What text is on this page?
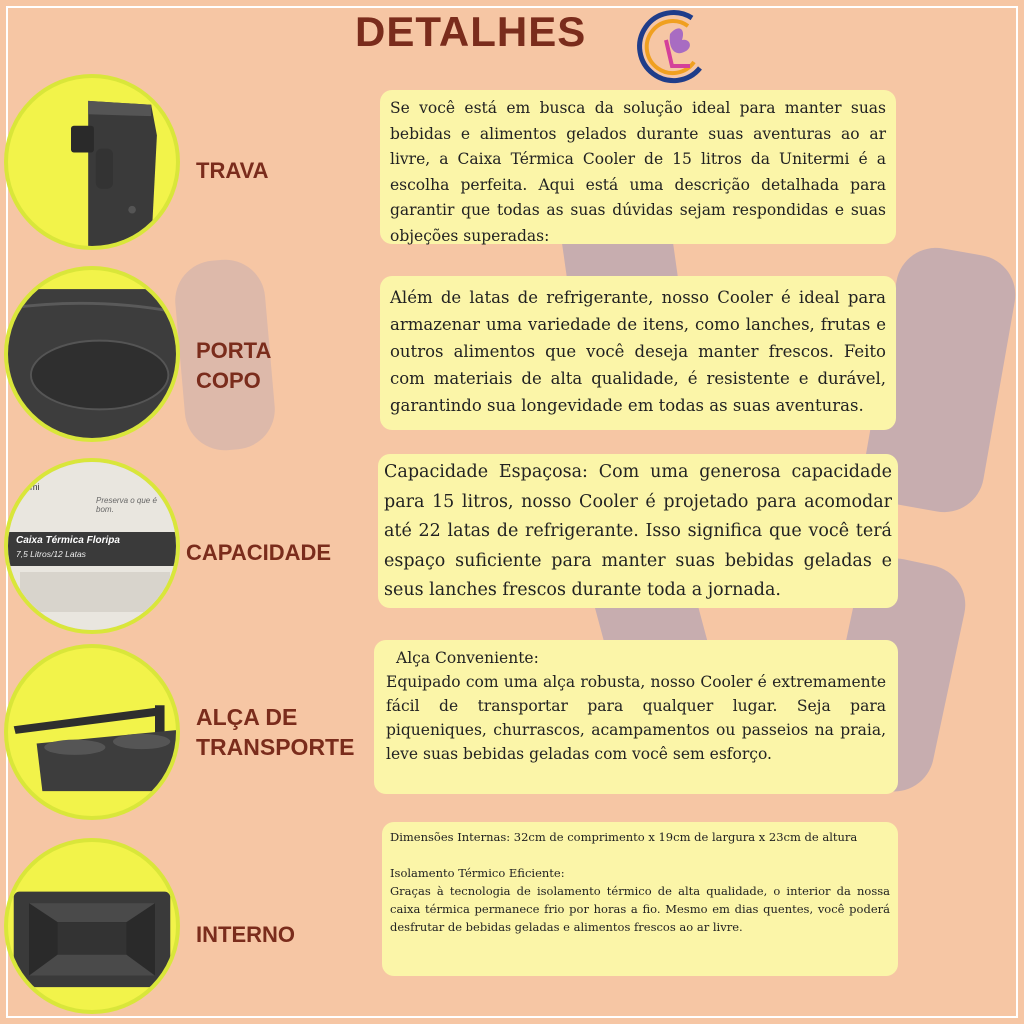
DETALHES
TRAVA

Se você está em busca da solução ideal para manter suas bebidas e alimentos gelados durante suas aventuras ao ar livre, a Caixa Térmica Cooler de 15 litros da Unitermi é a escolha perfeita. Aqui está uma descrição detalhada para garantir que todas as suas dúvidas sejam respondidas e suas objeções superadas:

PORTA
COPO

Além de latas de refrigerante, nosso Cooler é ideal para armazenar uma variedade de itens, como lanches, frutas e outros alimentos que você deseja manter frescos. Feito com materiais de alta qualidade, é resistente e durável, garantindo sua longevidade em todas as suas aventuras.

ermi
Preserva o que é bom.
Caixa Térmica Floripa
7,5 Litros/12 Latas	CAPACIDADE

Capacidade Espaçosa: Com uma generosa capacidade para 15 litros, nosso Cooler é projetado para acomodar até 22 latas de refrigerante. Isso significa que você terá espaço suficiente para manter suas bebidas geladas e seus lanches frescos durante toda a jornada.

ALÇA DE
TRANSPORTE

Alça Conveniente:

Equipado com uma alça robusta, nosso Cooler é extremamente fácil de transportar para qualquer lugar. Seja para piqueniques, churrascos, acampamentos ou passeios na praia, leve suas bebidas geladas com você sem esforço.

INTERNO

Dimensões Internas: 32cm de comprimento x 19cm de largura x 23cm de altura

Isolamento Térmico Eficiente:

Graças à tecnologia de isolamento térmico de alta qualidade, o interior da nossa caixa térmica permanece frio por horas a fio. Mesmo em dias quentes, você poderá desfrutar de bebidas geladas e alimentos frescos ao ar livre.
